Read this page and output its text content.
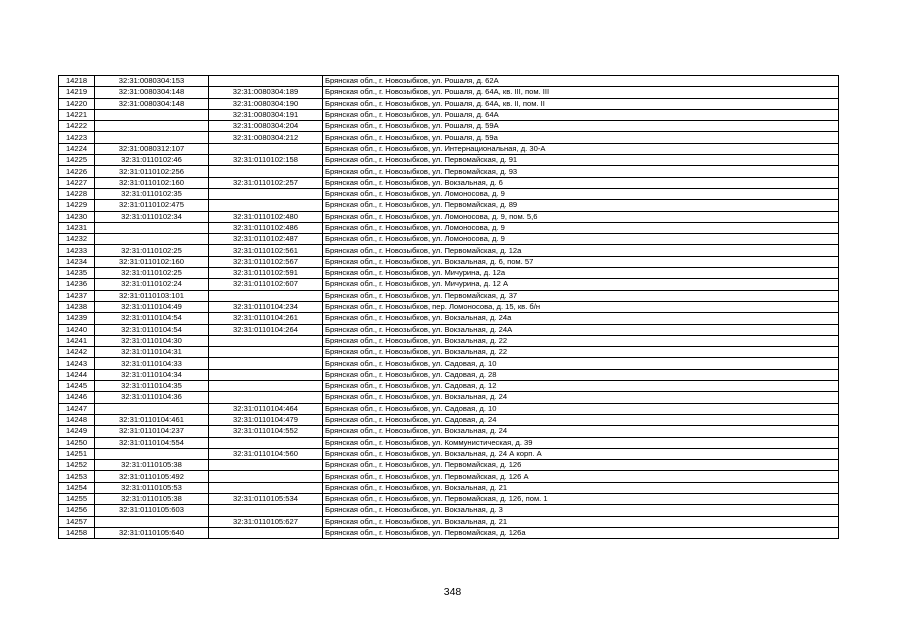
14218	32:31:0080304:153		Брянская обл., г. Новозыбков, ул. Рошаля, д. 62А
14219	32:31:0080304:148	32:31:0080304:189	Брянская обл., г. Новозыбков, ул. Рошаля, д. 64А, кв. III, пом. III
14220	32:31:0080304:148	32:31:0080304:190	Брянская обл., г. Новозыбков, ул. Рошаля, д. 64А, кв. II, пом. II
14221		32:31:0080304:191	Брянская обл., г. Новозыбков, ул. Рошаля, д. 64А
14222		32:31:0080304:204	Брянская обл., г. Новозыбков, ул. Рошаля, д. 59А
14223		32:31:0080304:212	Брянская обл., г. Новозыбков, ул. Рошаля, д. 59а
14224	32:31:0080312:107		Брянская обл., г. Новозыбков, ул. Интернациональная, д. 30-А
14225	32:31:0110102:46	32:31:0110102:158	Брянская обл., г. Новозыбков, ул. Первомайская, д. 91
14226	32:31:0110102:256		Брянская обл., г. Новозыбков, ул. Первомайская, д. 93
14227	32:31:0110102:160	32:31:0110102:257	Брянская обл., г. Новозыбков, ул. Вокзальная, д. 6
14228	32:31:0110102:35		Брянская обл., г. Новозыбков, ул. Ломоносова, д. 9
14229	32:31:0110102:475		Брянская обл., г. Новозыбков, ул. Первомайская, д. 89
14230	32:31:0110102:34	32:31:0110102:480	Брянская обл., г. Новозыбков, ул. Ломоносова, д. 9, пом. 5,6
14231		32:31:0110102:486	Брянская обл., г. Новозыбков, ул. Ломоносова, д. 9
14232		32:31:0110102:487	Брянская обл., г. Новозыбков, ул. Ломоносова, д. 9
14233	32:31:0110102:25	32:31:0110102:561	Брянская обл., г. Новозыбков, ул. Первомайская, д. 12а
14234	32:31:0110102:160	32:31:0110102:567	Брянская обл., г. Новозыбков, ул. Вокзальная, д. 6, пом. 57
14235	32:31:0110102:25	32:31:0110102:591	Брянская обл., г. Новозыбков, ул. Мичурина, д. 12а
14236	32:31:0110102:24	32:31:0110102:607	Брянская обл., г. Новозыбков, ул. Мичурина, д. 12 А
14237	32:31:0110103:101		Брянская обл., г. Новозыбков, ул. Первомайская, д. 37
14238	32:31:0110104:49	32:31:0110104:234	Брянская обл., г. Новозыбков, пер. Ломоносова, д. 15, кв. б/н
14239	32:31:0110104:54	32:31:0110104:261	Брянская обл., г. Новозыбков, ул. Вокзальная, д. 24а
14240	32:31:0110104:54	32:31:0110104:264	Брянская обл., г. Новозыбков, ул. Вокзальная, д. 24А
14241	32:31:0110104:30		Брянская обл., г. Новозыбков, ул. Вокзальная, д. 22
14242	32:31:0110104:31		Брянская обл., г. Новозыбков, ул. Вокзальная, д. 22
14243	32:31:0110104:33		Брянская обл., г. Новозыбков, ул. Садовая, д. 10
14244	32:31:0110104:34		Брянская обл., г. Новозыбков, ул. Садовая, д. 28
14245	32:31:0110104:35		Брянская обл., г. Новозыбков, ул. Садовая, д. 12
14246	32:31:0110104:36		Брянская обл., г. Новозыбков, ул. Вокзальная, д. 24
14247		32:31:0110104:464	Брянская обл., г. Новозыбков, ул. Садовая, д. 10
14248	32:31:0110104:461	32:31:0110104:479	Брянская обл., г. Новозыбков, ул. Садовая, д. 24
14249	32:31:0110104:237	32:31:0110104:552	Брянская обл., г. Новозыбков, ул. Вокзальная, д. 24
14250	32:31:0110104:554		Брянская обл., г. Новозыбков, ул. Коммунистическая, д. 39
14251		32:31:0110104:560	Брянская обл., г. Новозыбков, ул. Вокзальная, д. 24 А корп. А
14252	32:31:0110105:38		Брянская обл., г. Новозыбков, ул. Первомайская, д. 126
14253	32:31:0110105:492		Брянская обл., г. Новозыбков, ул. Первомайская, д. 126 А
14254	32:31:0110105:53		Брянская обл., г. Новозыбков, ул. Вокзальная, д. 21
14255	32:31:0110105:38	32:31:0110105:534	Брянская обл., г. Новозыбков, ул. Первомайская, д. 126, пом. 1
14256	32:31:0110105:603		Брянская обл., г. Новозыбков, ул. Вокзальная, д. 3
14257		32:31:0110105:627	Брянская обл., г. Новозыбков, ул. Вокзальная, д. 21
14258	32:31:0110105:640		Брянская обл., г. Новозыбков, ул. Первомайская, д. 126а
348
